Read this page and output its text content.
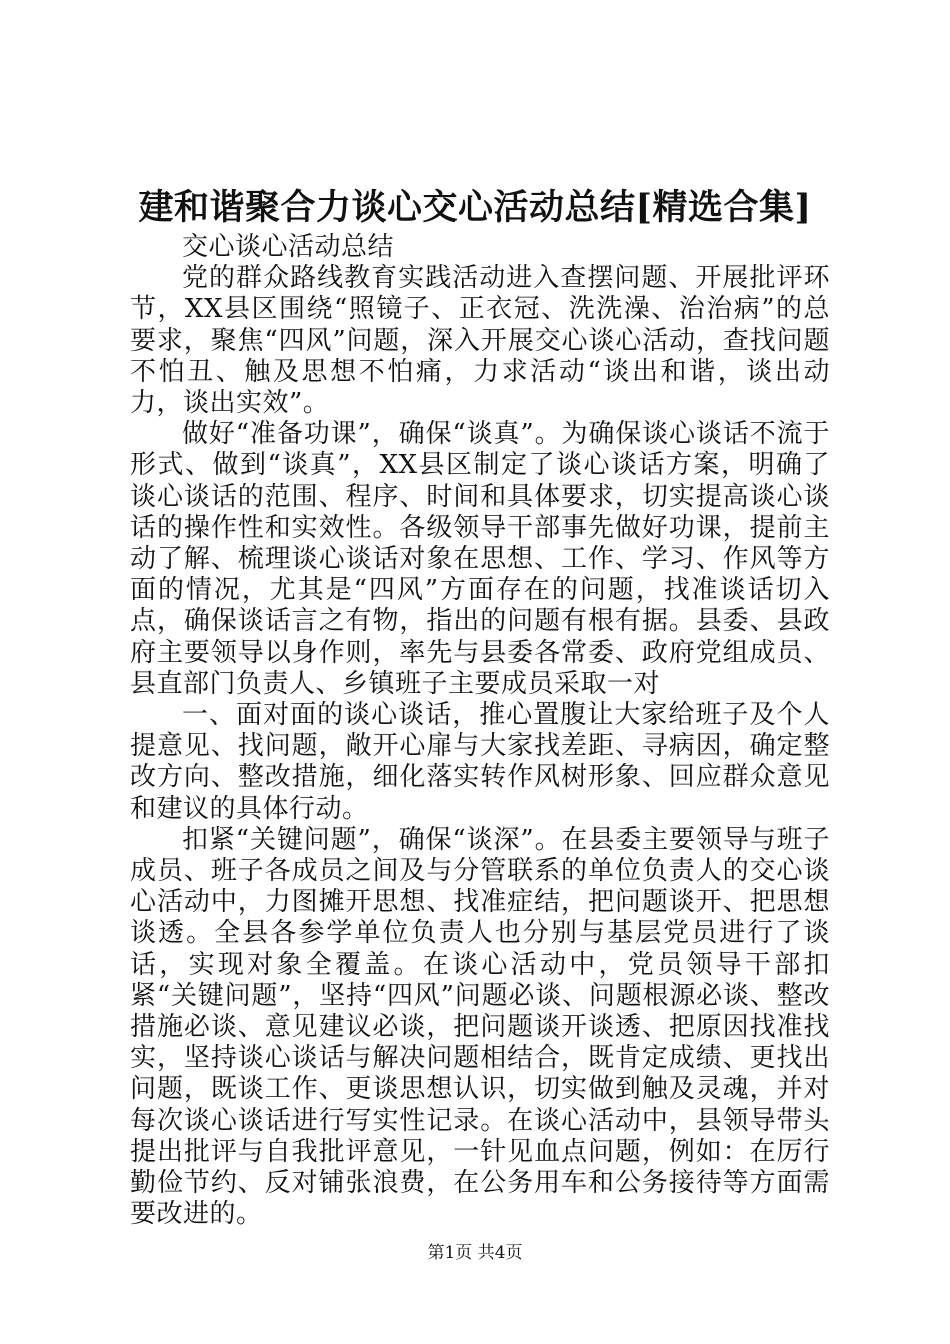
建和谐聚合力谈心交心活动总结[精选合集]

交心谈心活动总结

党的群众路线教育实践活动进入查摆问题、开展批评环节，XX县区围绕“照镜子、正衣冠、洗洗澡、治治病”的总要求，聚焦“四风”问题，深入开展交心谈心活动，查找问题不怕丑、触及思想不怕痛，力求活动“谈出和谐，谈出动力，谈出实效”。

做好“准备功课”，确保“谈真”。为确保谈心谈话不流于形式、做到“谈真”，XX县区制定了谈心谈话方案，明确了谈心谈话的范围、程序、时间和具体要求，切实提高谈心谈话的操作性和实效性。各级领导干部事先做好功课，提前主动了解、梳理谈心谈话对象在思想、工作、学习、作风等方面的情况，尤其是“四风”方面存在的问题，找准谈话切入点，确保谈话言之有物，指出的问题有根有据。县委、县政府主要领导以身作则，率先与县委各常委、政府党组成员、县直部门负责人、乡镇班子主要成员采取一对

一、面对面的谈心谈话，推心置腹让大家给班子及个人提意见、找问题，敞开心扉与大家找差距、寻病因，确定整改方向、整改措施，细化落实转作风树形象、回应群众意见和建议的具体行动。

扣紧“关键问题”，确保“谈深”。在县委主要领导与班子成员、班子各成员之间及与分管联系的单位负责人的交心谈心活动中，力图摊开思想、找准症结，把问题谈开、把思想谈透。全县各参学单位负责人也分别与基层党员进行了谈话，实现对象全覆盖。在谈心活动中，党员领导干部扣紧“关键问题”，坚持“四风”问题必谈、问题根源必谈、整改措施必谈、意见建议必谈，把问题谈开谈透、把原因找准找实，坚持谈心谈话与解决问题相结合，既肯定成绩、更找出问题，既谈工作、更谈思想认识，切实做到触及灵魂，并对每次谈心谈话进行写实性记录。在谈心活动中，县领导带头提出批评与自我批评意见，一针见血点问题，例如：在厉行勤俭节约、反对铺张浪费，在公务用车和公务接待等方面需要改进的。

第1页 共4页
